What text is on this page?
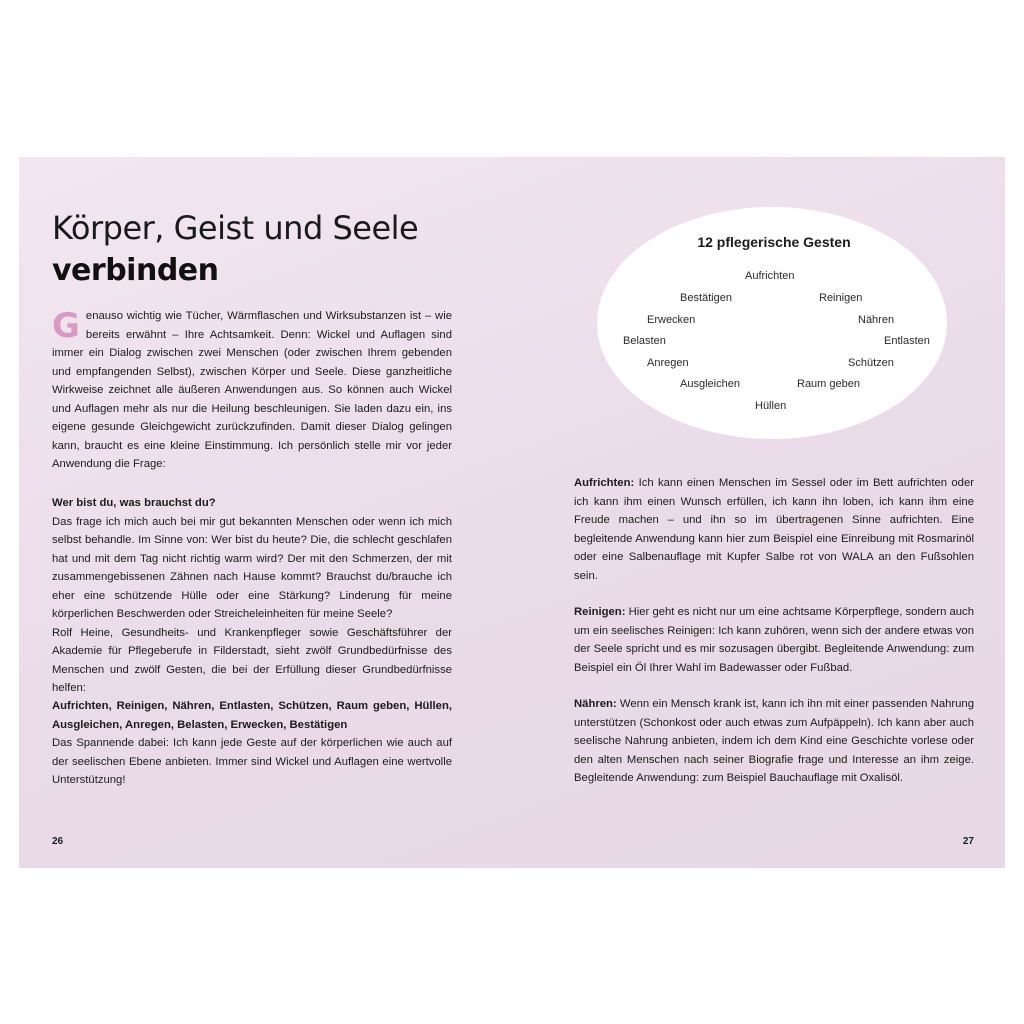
Körper, Geist und Seele
verbinden
Genauso wichtig wie Tücher, Wärmflaschen und Wirksubstanzen ist – wie bereits erwähnt – Ihre Achtsamkeit. Denn: Wickel und Auflagen sind immer ein Dialog zwischen zwei Menschen (oder zwischen Ihrem gebenden und empfangenden Selbst), zwischen Körper und Seele. Diese ganzheitliche Wirkweise zeichnet alle äußeren Anwendungen aus. So können auch Wickel und Auflagen mehr als nur die Heilung beschleunigen. Sie laden dazu ein, ins eigene gesunde Gleichgewicht zurückzufinden. Damit dieser Dialog gelingen kann, braucht es eine kleine Einstimmung. Ich persönlich stelle mir vor jeder Anwendung die Frage:

Wer bist du, was brauchst du?

Das frage ich mich auch bei mir gut bekannten Menschen oder wenn ich mich selbst behandle. Im Sinne von: Wer bist du heute? Die, die schlecht geschlafen hat und mit dem Tag nicht richtig warm wird? Der mit den Schmerzen, der mit zusammengebissenen Zähnen nach Hause kommt? Brauchst du/brauche ich eher eine schützende Hülle oder eine Stärkung? Linderung für meine körperlichen Beschwerden oder Streicheleinheiten für meine Seele?

Rolf Heine, Gesundheits- und Krankenpfleger sowie Geschäftsführer der Akademie für Pflegeberufe in Filderstadt, sieht zwölf Grundbedürfnisse des Menschen und zwölf Gesten, die bei der Erfüllung dieser Grundbedürfnisse helfen:

Aufrichten, Reinigen, Nähren, Entlasten, Schützen, Raum geben, Hüllen, Ausgleichen, Anregen, Belasten, Erwecken, Bestätigen

Das Spannende dabei: Ich kann jede Geste auf der körperlichen wie auch auf der seelischen Ebene anbieten. Immer sind Wickel und Auflagen eine wertvolle Unterstützung!

26
12 pflegerische Gesten
Aufrichten
Bestätigen	Reinigen
Erwecken	Nähren
Belasten	Entlasten
Anregen	Schützen
Ausgleichen	Raum geben
Hüllen

Aufrichten: Ich kann einen Menschen im Sessel oder im Bett aufrichten oder ich kann ihm einen Wunsch erfüllen, ich kann ihn loben, ich kann ihm eine Freude machen – und ihn so im übertragenen Sinne aufrichten. Eine begleitende Anwendung kann hier zum Beispiel eine Einreibung mit Rosmarinöl oder eine Salbenauflage mit Kupfer Salbe rot von WALA an den Fußsohlen sein.

Reinigen: Hier geht es nicht nur um eine achtsame Körperpflege, sondern auch um ein seelisches Reinigen: Ich kann zuhören, wenn sich der andere etwas von der Seele spricht und es mir sozusagen übergibt. Begleitende Anwendung: zum Beispiel ein Öl Ihrer Wahl im Badewasser oder Fußbad.

Nähren: Wenn ein Mensch krank ist, kann ich ihn mit einer passenden Nahrung unterstützen (Schonkost oder auch etwas zum Aufpäppeln). Ich kann aber auch seelische Nahrung anbieten, indem ich dem Kind eine Geschichte vorlese oder den alten Menschen nach seiner Biografie frage und Interesse an ihm zeige. Begleitende Anwendung: zum Beispiel Bauchauflage mit Oxalisöl.

27
